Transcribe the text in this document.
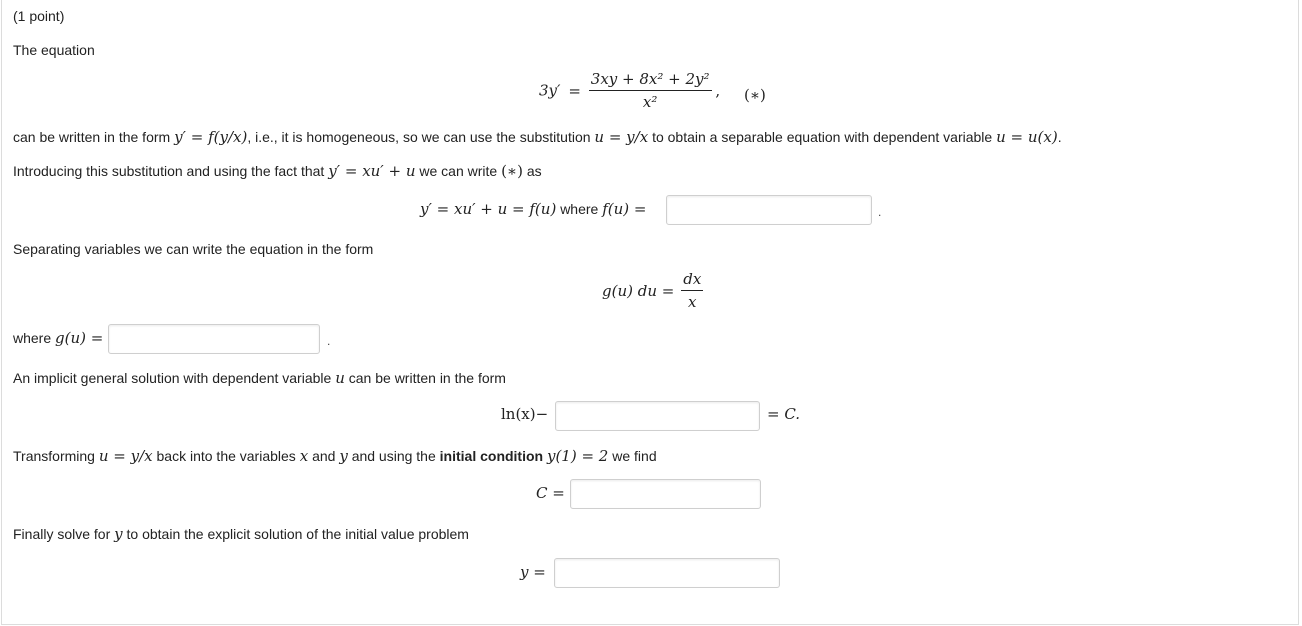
(1 point)
The equation
$3y' = \frac{\text{3xy + 8x² + 2y²}}{\text{x²}}$ , (∗)
can be written in the form y′ = f(y/x), i.e., it is homogeneous, so we can use the substitution u = y/x to obtain a separable equation with dependent variable u = u(x).
Introducing this substitution and using the fact that y′ = xu′ + u we can write (∗) as
y′ = xu′ + u = f(u) where f(u) =	.
Separating variables we can write the equation in the form
g(u) du = $\frac{dx}{x}$
where g(u) =	.
An implicit general solution with dependent variable u can be written in the form
ln(x)−	= C.
Transforming u = y/x back into the variables x and y and using the initial condition y(1) = 2 we find
C =
Finally solve for y to obtain the explicit solution of the initial value problem
y =
